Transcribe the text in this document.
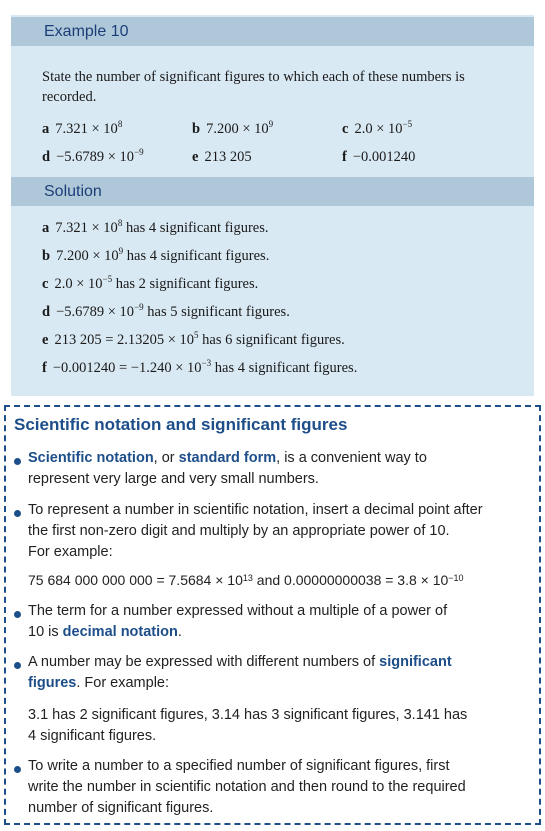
Example 10
State the number of significant figures to which each of these numbers is recorded.
a $7.321 \times 10^8$	b $7.200 \times 10^9$	c $2.0 \times 10^{-5}$
$d -5.6789 \times 10^{-9}$	e 213 205	f −0.001240
Solution
a $7.321 \times 10^8$ has 4 significant figures.
b $7.200 \times 10^9$ has 4 significant figures.
c $2.0 \times 10^{-5}$ has 2 significant figures.
$d -5.6789 \times 10^{-9}$ has 5 significant figures.
e 213 $205 = 2.13205 \times 10^5$ has 6 significant figures.
$f -0.001240 = -1.240 \times 10^{-3}$ has 4 significant figures.
Scientific notation and significant figures
Scientific notation, or standard form, is a convenient way to
represent very large and very small numbers.
To represent a number in scientific notation, insert a decimal point after
the first non-zero digit and multiply by an appropriate power of 10.
For example:
75 684 000 000 $000 = 7.5684 \times 10^{13}$ and $0.00000000038 = 3.8 \times 10^{-10}$
The term for a number expressed without a multiple of a power of
10 is decimal notation.
A number may be expressed with different numbers of significant
figures. For example:
3.1 has 2 significant figures, 3.14 has 3 significant figures, 3.141 has
4 significant figures.
To write a number to a specified number of significant figures, first
write the number in scientific notation and then round to the required
number of significant figures.
